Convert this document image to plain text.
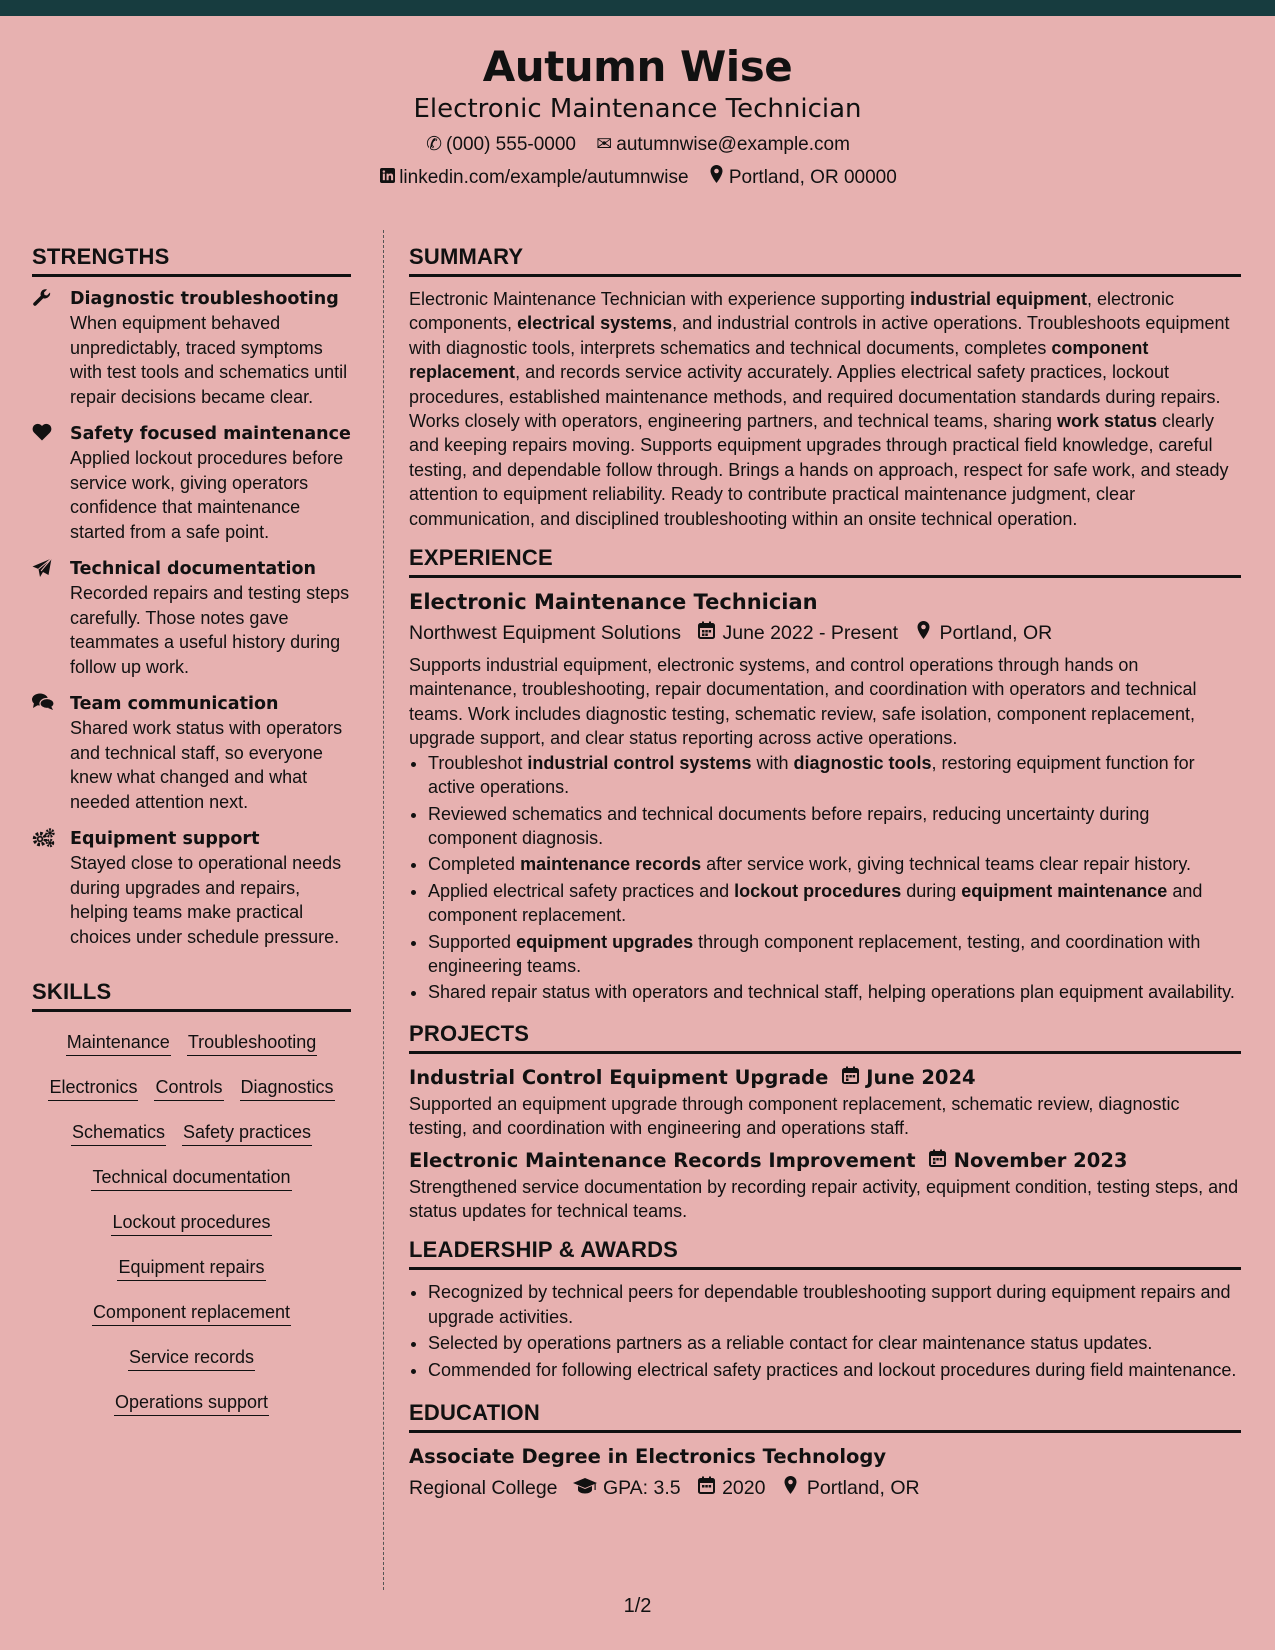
Autumn Wise
Electronic Maintenance Technician
✆ (000) 555-0000 ✉ autumnwise@example.com
linkedin.com/example/autumnwise Portland, OR 00000
STRENGTHS
Diagnostic troubleshooting
When equipment behaved unpredictably, traced symptoms with test tools and schematics until repair decisions became clear.
Safety focused maintenance
Applied lockout procedures before service work, giving operators confidence that maintenance started from a safe point.
Technical documentation
Recorded repairs and testing steps carefully. Those notes gave teammates a useful history during follow up work.
Team communication
Shared work status with operators and technical staff, so everyone knew what changed and what needed attention next.
Equipment support
Stayed close to operational needs during upgrades and repairs, helping teams make practical choices under schedule pressure.
SKILLS
Maintenance Troubleshooting
Electronics Controls Diagnostics
Schematics Safety practices
Technical documentation
Lockout procedures
Equipment repairs
Component replacement
Service records
Operations support
SUMMARY
Electronic Maintenance Technician with experience supporting industrial equipment, electronic components, electrical systems, and industrial controls in active operations. Troubleshoots equipment with diagnostic tools, interprets schematics and technical documents, completes component replacement, and records service activity accurately. Applies electrical safety practices, lockout procedures, established maintenance methods, and required documentation standards during repairs. Works closely with operators, engineering partners, and technical teams, sharing work status clearly and keeping repairs moving. Supports equipment upgrades through practical field knowledge, careful testing, and dependable follow through. Brings a hands on approach, respect for safe work, and steady attention to equipment reliability. Ready to contribute practical maintenance judgment, clear communication, and disciplined troubleshooting within an onsite technical operation.
EXPERIENCE
Electronic Maintenance Technician
Northwest Equipment Solutions June 2022 - Present Portland, OR
Supports industrial equipment, electronic systems, and control operations through hands on maintenance, troubleshooting, repair documentation, and coordination with operators and technical teams. Work includes diagnostic testing, schematic review, safe isolation, component replacement, upgrade support, and clear status reporting across active operations.
• Troubleshot industrial control systems with diagnostic tools, restoring equipment function for active operations.
• Reviewed schematics and technical documents before repairs, reducing uncertainty during component diagnosis.
• Completed maintenance records after service work, giving technical teams clear repair history.
• Applied electrical safety practices and lockout procedures during equipment maintenance and component replacement.
• Supported equipment upgrades through component replacement, testing, and coordination with engineering teams.
• Shared repair status with operators and technical staff, helping operations plan equipment availability.
PROJECTS
Industrial Control Equipment Upgrade June 2024
Supported an equipment upgrade through component replacement, schematic review, diagnostic testing, and coordination with engineering and operations staff.
Electronic Maintenance Records Improvement November 2023
Strengthened service documentation by recording repair activity, equipment condition, testing steps, and status updates for technical teams.
LEADERSHIP & AWARDS
• Recognized by technical peers for dependable troubleshooting support during equipment repairs and upgrade activities.
• Selected by operations partners as a reliable contact for clear maintenance status updates.
• Commended for following electrical safety practices and lockout procedures during field maintenance.
EDUCATION
Associate Degree in Electronics Technology
Regional College GPA: 3.5 2020 Portland, OR
1/2
